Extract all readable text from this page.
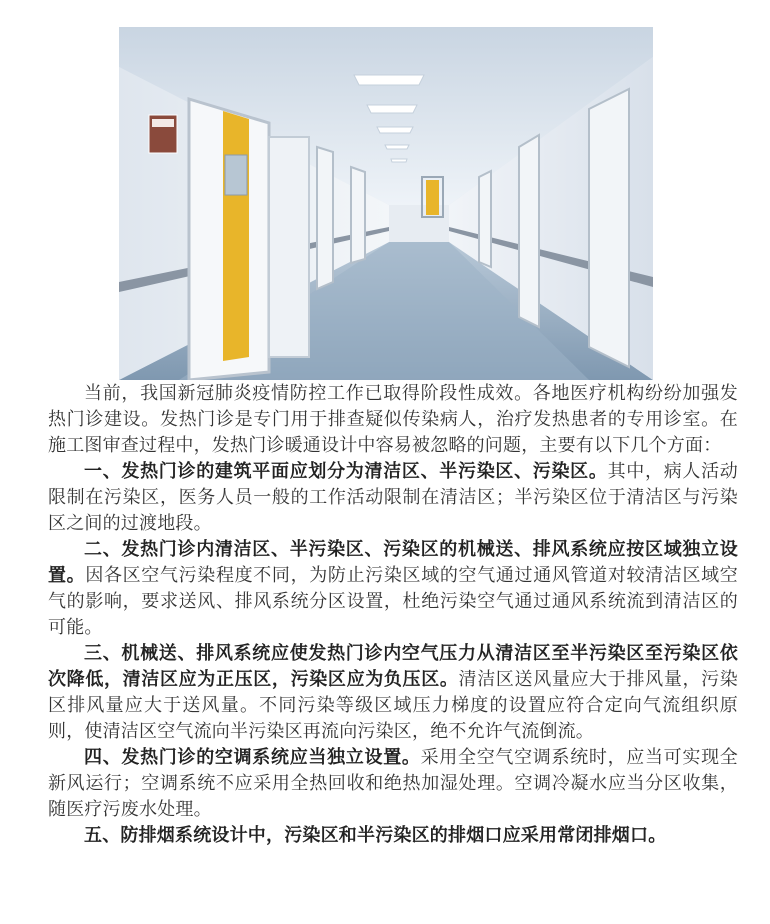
当前，我国新冠肺炎疫情防控工作已取得阶段性成效。各地医疗机构纷纷加强发热门诊建设。发热门诊是专门用于排查疑似传染病人，治疗发热患者的专用诊室。在施工图审查过程中，发热门诊暖通设计中容易被忽略的问题，主要有以下几个方面：

一、发热门诊的建筑平面应划分为清洁区、半污染区、污染区。其中，病人活动限制在污染区，医务人员一般的工作活动限制在清洁区；半污染区位于清洁区与污染区之间的过渡地段。

二、发热门诊内清洁区、半污染区、污染区的机械送、排风系统应按区域独立设置。因各区空气污染程度不同，为防止污染区域的空气通过通风管道对较清洁区域空气的影响，要求送风、排风系统分区设置，杜绝污染空气通过通风系统流到清洁区的可能。

三、机械送、排风系统应使发热门诊内空气压力从清洁区至半污染区至污染区依次降低，清洁区应为正压区，污染区应为负压区。清洁区送风量应大于排风量，污染区排风量应大于送风量。不同污染等级区域压力梯度的设置应符合定向气流组织原则，使清洁区空气流向半污染区再流向污染区，绝不允许气流倒流。

四、发热门诊的空调系统应当独立设置。采用全空气空调系统时，应当可实现全新风运行；空调系统不应采用全热回收和绝热加湿处理。空调冷凝水应当分区收集，随医疗污废水处理。

五、防排烟系统设计中，污染区和半污染区的排烟口应采用常闭排烟口。
